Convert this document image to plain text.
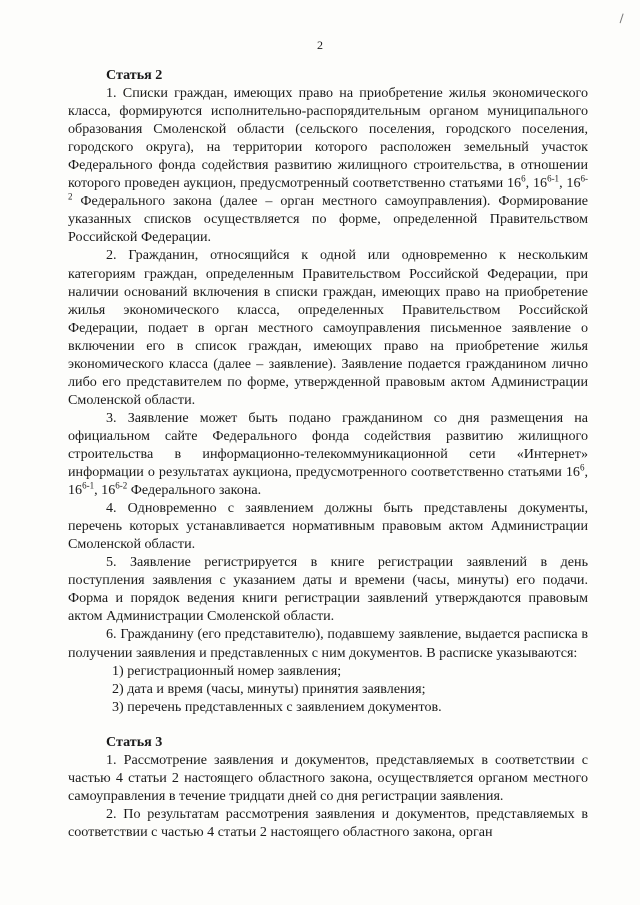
2

Статья 2

1. Списки граждан, имеющих право на приобретение жилья экономического класса, формируются исполнительно-распорядительным органом муниципального образования Смоленской области (сельского поселения, городского поселения, городского округа), на территории которого расположен земельный участок Федерального фонда содействия развитию жилищного строительства, в отношении которого проведен аукцион, предусмотренный соответственно статьями $16^6$, 16$^{6-1}$, 16$^{6-2}$ Федерального закона (далее – орган местного самоуправления). Формирование указанных списков осуществляется по форме, определенной Правительством Российской Федерации.

2. Гражданин, относящийся к одной или одновременно к нескольким категориям граждан, определенным Правительством Российской Федерации, при наличии оснований включения в списки граждан, имеющих право на приобретение жилья экономического класса, определенных Правительством Российской Федерации, подает в орган местного самоуправления письменное заявление о включении его в список граждан, имеющих право на приобретение жилья экономического класса (далее – заявление). Заявление подается гражданином лично либо его представителем по форме, утвержденной правовым актом Администрации Смоленской области.

3. Заявление может быть подано гражданином со дня размещения на официальном сайте Федерального фонда содействия развитию жилищного строительства в информационно-телекоммуникационной сети «Интернет» информации о результатах аукциона, предусмотренного соответственно статьями $16^6$, 16$^{6-1}$, 16$^{6-2}$ Федерального закона.

4. Одновременно с заявлением должны быть представлены документы, перечень которых устанавливается нормативным правовым актом Администрации Смоленской области.

5. Заявление регистрируется в книге регистрации заявлений в день поступления заявления с указанием даты и времени (часы, минуты) его подачи. Форма и порядок ведения книги регистрации заявлений утверждаются правовым актом Администрации Смоленской области.

6. Гражданину (его представителю), подавшему заявление, выдается расписка в получении заявления и представленных с ним документов. В расписке указываются:

1) регистрационный номер заявления;

2) дата и время (часы, минуты) принятия заявления;

3) перечень представленных с заявлением документов.

Статья 3

1. Рассмотрение заявления и документов, представляемых в соответствии с частью 4 статьи 2 настоящего областного закона, осуществляется органом местного самоуправления в течение тридцати дней со дня регистрации заявления.

2. По результатам рассмотрения заявления и документов, представляемых в соответствии с частью 4 статьи 2 настоящего областного закона, орган
